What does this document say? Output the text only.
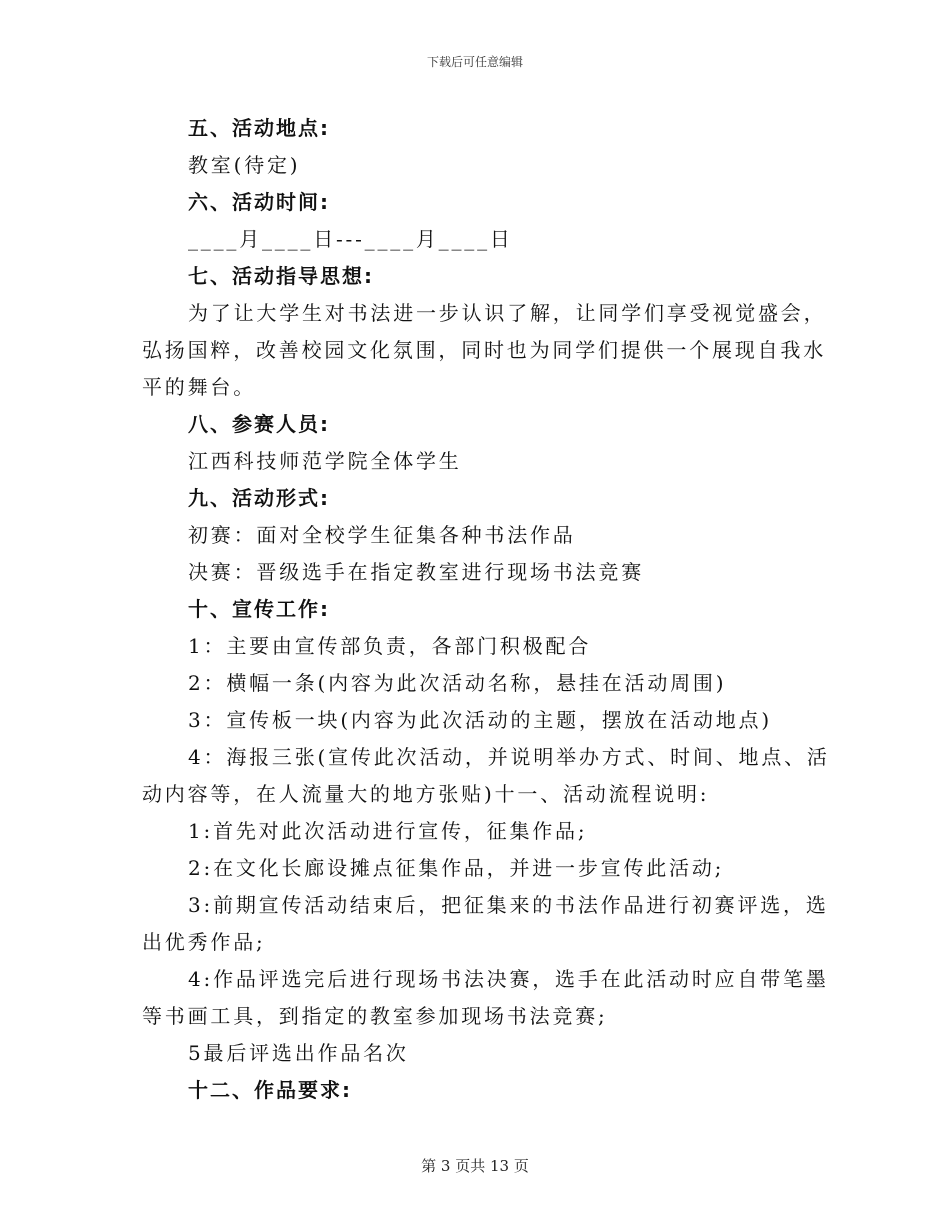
下载后可任意编辑
五、活动地点:
教室(待定)
六、活动时间:
____月____日---____月____日
七、活动指导思想:
为了让大学生对书法进一步认识了解，让同学们享受视觉盛会，
弘扬国粹，改善校园文化氛围，同时也为同学们提供一个展现自我水
平的舞台。
八、参赛人员:
江西科技师范学院全体学生
九、活动形式:
初赛：面对全校学生征集各种书法作品
决赛：晋级选手在指定教室进行现场书法竞赛
十、宣传工作:
1：主要由宣传部负责，各部门积极配合
2：横幅一条(内容为此次活动名称，悬挂在活动周围)
3：宣传板一块(内容为此次活动的主题，摆放在活动地点)
4：海报三张(宣传此次活动，并说明举办方式、时间、地点、活
动内容等，在人流量大的地方张贴)十一、活动流程说明:
1:首先对此次活动进行宣传，征集作品;
2:在文化长廊设摊点征集作品，并进一步宣传此活动;
3:前期宣传活动结束后，把征集来的书法作品进行初赛评选，选
出优秀作品;
4:作品评选完后进行现场书法决赛，选手在此活动时应自带笔墨
等书画工具，到指定的教室参加现场书法竞赛;
5最后评选出作品名次
十二、作品要求:
第 3 页共 13 页
